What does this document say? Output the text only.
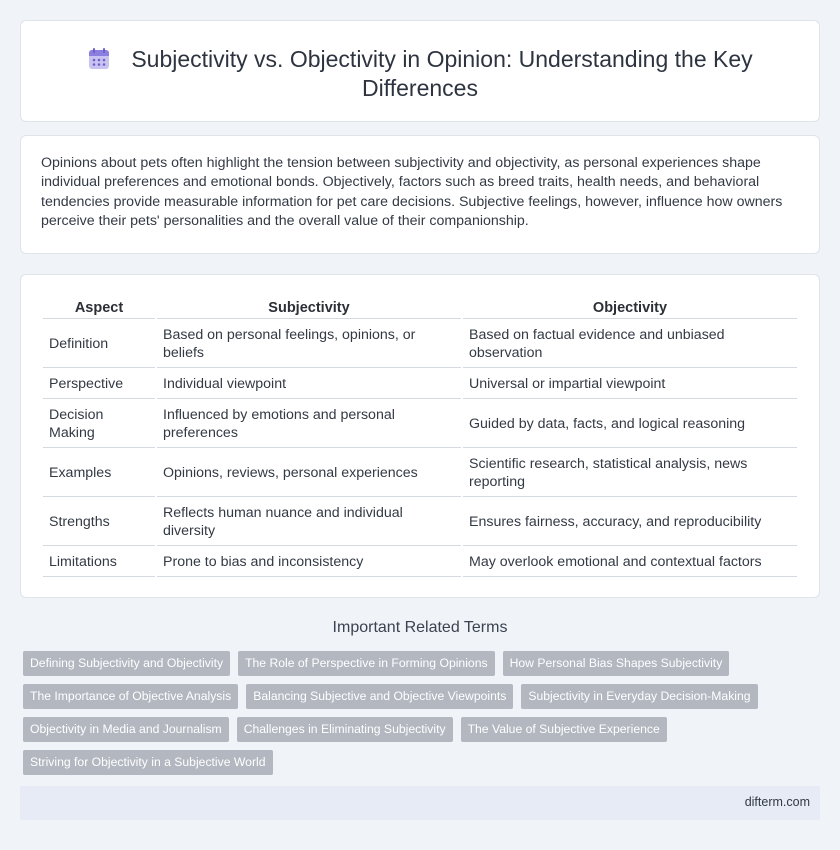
Subjectivity vs. Objectivity in Opinion: Understanding the Key Differences

Opinions about pets often highlight the tension between subjectivity and objectivity, as personal experiences shape individual preferences and emotional bonds. Objectively, factors such as breed traits, health needs, and behavioral tendencies provide measurable information for pet care decisions. Subjective feelings, however, influence how owners perceive their pets' personalities and the overall value of their companionship.

Aspect	Subjectivity	Objectivity
Definition	Based on personal feelings, opinions, or beliefs	Based on factual evidence and unbiased observation
Perspective	Individual viewpoint	Universal or impartial viewpoint
Decision Making	Influenced by emotions and personal preferences	Guided by data, facts, and logical reasoning
Examples	Opinions, reviews, personal experiences	Scientific research, statistical analysis, news reporting
Strengths	Reflects human nuance and individual diversity	Ensures fairness, accuracy, and reproducibility
Limitations	Prone to bias and inconsistency	May overlook emotional and contextual factors
Important Related Terms
Defining Subjectivity and Objectivity	The Role of Perspective in Forming Opinions	How Personal Bias Shapes Subjectivity
The Importance of Objective Analysis	Balancing Subjective and Objective Viewpoints	Subjectivity in Everyday Decision-Making
Objectivity in Media and Journalism	Challenges in Eliminating Subjectivity	The Value of Subjective Experience
Striving for Objectivity in a Subjective World
difterm.com
